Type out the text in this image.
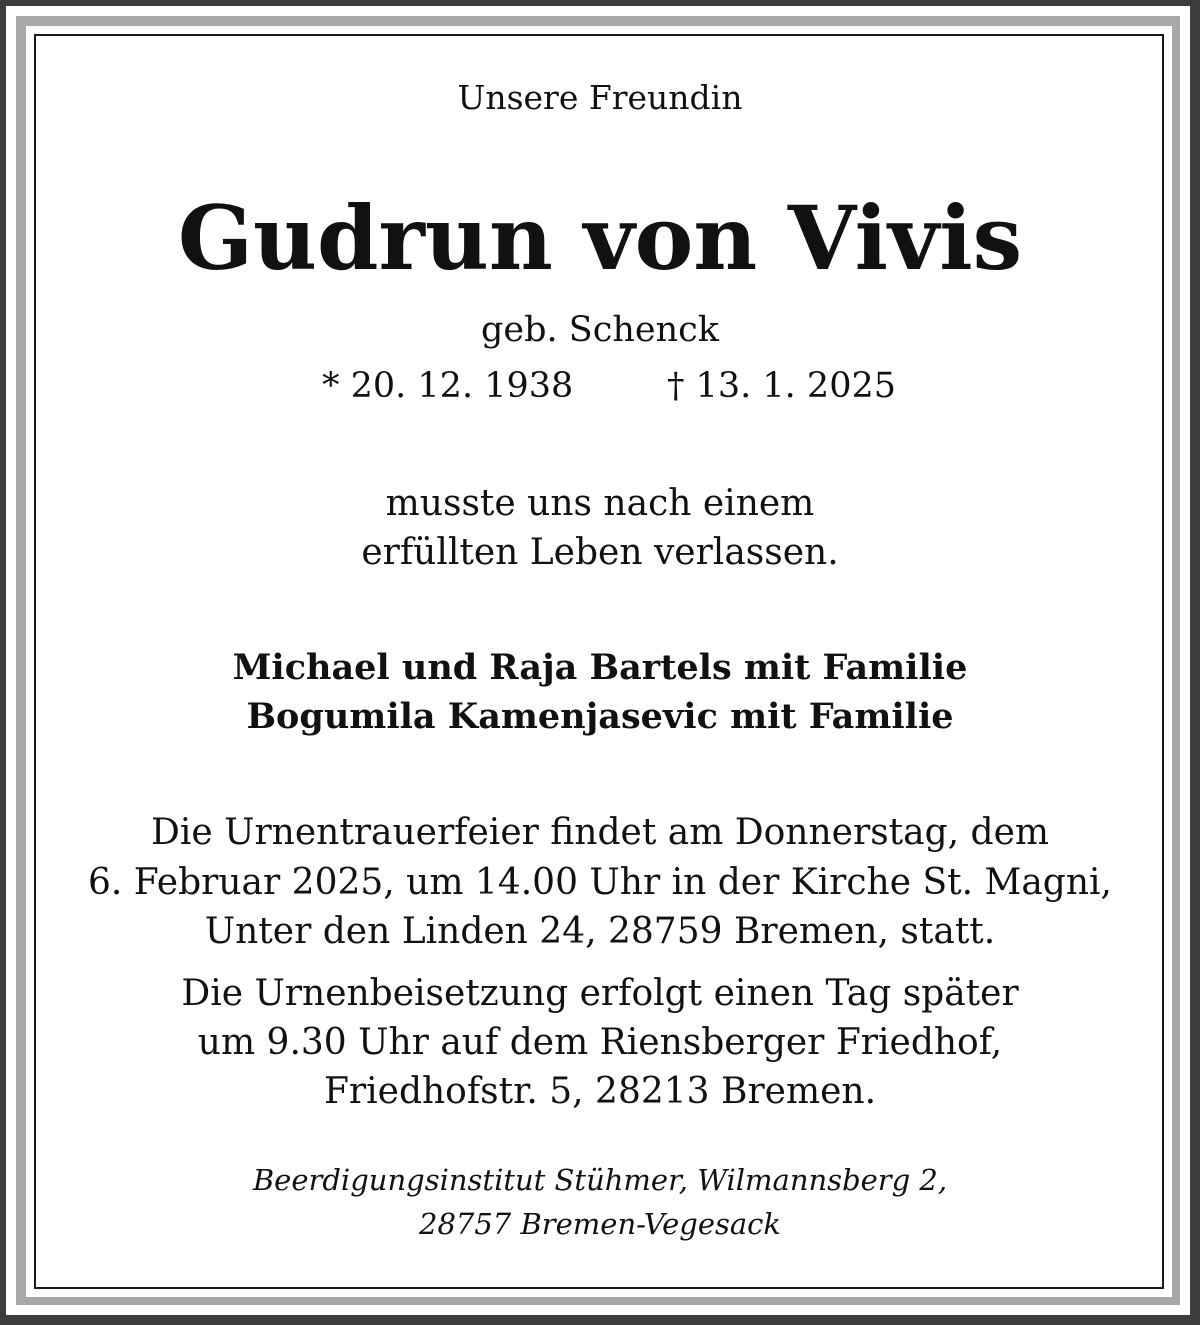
Unsere Freundin
Gudrun von Vivis
geb. Schenck
* 20. 12. 1938	† 13. 1. 2025
musste uns nach einem
erfüllten Leben verlassen.
Michael und Raja Bartels mit Familie
Bogumila Kamenjasevic mit Familie
Die Urnentrauerfeier findet am Donnerstag, dem
6. Februar 2025, um 14.00 Uhr in der Kirche St. Magni,
Unter den Linden 24, 28759 Bremen, statt.
Die Urnenbeisetzung erfolgt einen Tag später
um 9.30 Uhr auf dem Riensberger Friedhof,
Friedhofstr. 5, 28213 Bremen.
Beerdigungsinstitut Stühmer, Wilmannsberg 2,
28757 Bremen-Vegesack
